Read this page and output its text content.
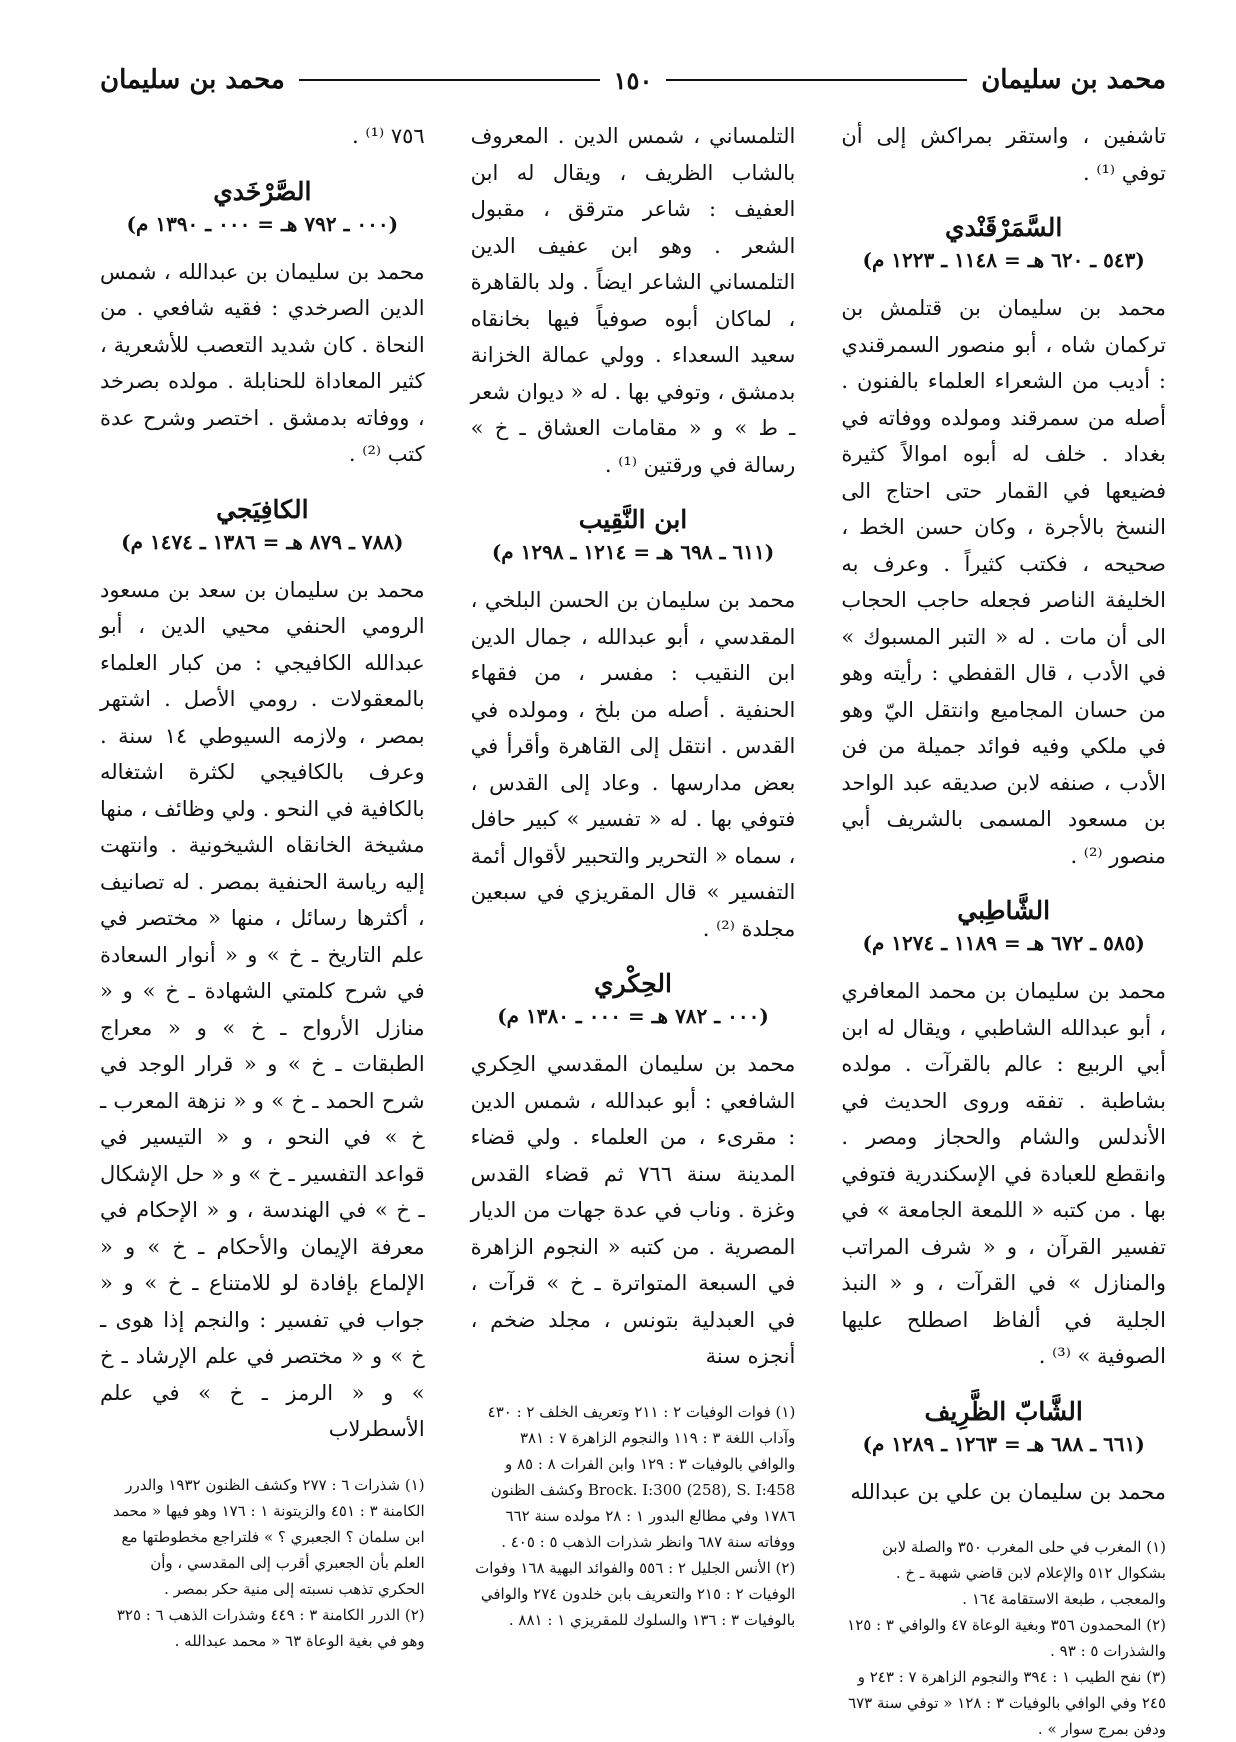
محمد بن سليمان
١٥٠
محمد بن سليمان
تاشفين ، واستقر بمراكش إلى أن توفي ⁽¹⁾ .
السَّمَرْقَنْدي
(٥٤٣ ـ ٦٢٠ هـ = ١١٤٨ ـ ١٢٢٣ م)
محمد بن سليمان بن قتلمش بن تركمان شاه ، أبو منصور السمرقندي : أديب من الشعراء العلماء بالفنون . أصله من سمرقند ومولده ووفاته في بغداد . خلف له أبوه اموالاً كثيرة فضيعها في القمار حتى احتاج الى النسخ بالأجرة ، وكان حسن الخط ، صحيحه ، فكتب كثيراً . وعرف به الخليفة الناصر فجعله حاجب الحجاب الى أن مات . له « التبر المسبوك » في الأدب ، قال القفطي : رأيته وهو من حسان المجاميع وانتقل اليّ وهو في ملكي وفيه فوائد جميلة من فن الأدب ، صنفه لابن صديقه عبد الواحد بن مسعود المسمى بالشريف أبي منصور ⁽²⁾ .
الشَّاطِبي
(٥٨٥ ـ ٦٧٢ هـ = ١١٨٩ ـ ١٢٧٤ م)
محمد بن سليمان بن محمد المعافري ، أبو عبدالله الشاطبي ، ويقال له ابن أبي الربيع : عالم بالقرآت . مولده بشاطبة . تفقه وروى الحديث في الأندلس والشام والحجاز ومصر . وانقطع للعبادة في الإسكندرية فتوفي بها . من كتبه « اللمعة الجامعة » في تفسير القرآن ، و « شرف المراتب والمنازل » في القرآت ، و « النبذ الجلية في ألفاظ اصطلح عليها الصوفية » ⁽³⁾ .
الشَّابّ الظَّرِيف
(٦٦١ ـ ٦٨٨ هـ = ١٢٦٣ ـ ١٢٨٩ م)
محمد بن سليمان بن علي بن عبدالله
(١) المغرب في حلى المغرب ٣٥٠ والصلة لابن بشكوال ٥١٢ والإعلام لابن قاضي شهبة ـ خ . والمعجب ، طبعة الاستقامة ١٦٤ .
(٢) المحمدون ٣٥٦ وبغية الوعاة ٤٧ والوافي ٣ : ١٢٥ والشذرات ٥ : ٩٣ .
(٣) نفح الطيب ١ : ٣٩٤ والنجوم الزاهرة ٧ : ٢٤٣ و ٢٤٥ وفي الوافي بالوفيات ٣ : ١٢٨ « توفي سنة ٦٧٣ ودفن بمرج سوار » .
التلمساني ، شمس الدين . المعروف بالشاب الظريف ، ويقال له ابن العفيف : شاعر مترقق ، مقبول الشعر . وهو ابن عفيف الدين التلمساني الشاعر ايضاً . ولد بالقاهرة ، لماكان أبوه صوفياً فيها بخانقاه سعيد السعداء . وولي عمالة الخزانة بدمشق ، وتوفي بها . له « ديوان شعر ـ ط » و « مقامات العشاق ـ خ » رسالة في ورقتين ⁽¹⁾ .
ابن النَّقِيب
(٦١١ ـ ٦٩٨ هـ = ١٢١٤ ـ ١٢٩٨ م)
محمد بن سليمان بن الحسن البلخي ، المقدسي ، أبو عبدالله ، جمال الدين ابن النقيب : مفسر ، من فقهاء الحنفية . أصله من بلخ ، ومولده في القدس . انتقل إلى القاهرة وأقرأ في بعض مدارسها . وعاد إلى القدس ، فتوفي بها . له « تفسير » كبير حافل ، سماه « التحرير والتحبير لأقوال أئمة التفسير » قال المقريزي في سبعين مجلدة ⁽²⁾ .
الحِكْري
(٠٠٠ ـ ٧٨٢ هـ = ٠٠٠ ـ ١٣٨٠ م)
محمد بن سليمان المقدسي الحِكري الشافعي : أبو عبدالله ، شمس الدين : مقرىء ، من العلماء . ولي قضاء المدينة سنة ٧٦٦ ثم قضاء القدس وغزة . وناب في عدة جهات من الديار المصرية . من كتبه « النجوم الزاهرة في السبعة المتواترة ـ خ » قرآت ، في العبدلية بتونس ، مجلد ضخم ، أنجزه سنة
(١) فوات الوفيات ٢ : ٢١١ وتعريف الخلف ٢ : ٤٣٠ وآداب اللغة ٣ : ١١٩ والنجوم الزاهرة ٧ : ٣٨١ والوافي بالوفيات ٣ : ١٢٩ وابن الفرات ٨ : ٨٥ و Brock. I:300 (258), S. I:458 وكشف الظنون ١٧٨٦ وفي مطالع البدور ١ : ٢٨ مولده سنة ٦٦٢ ووفاته سنة ٦٨٧ وانظر شذرات الذهب ٥ : ٤٠٥ .
(٢) الأنس الجليل ٢ : ٥٥٦ والفوائد البهية ١٦٨ وفوات الوفيات ٢ : ٢١٥ والتعريف بابن خلدون ٢٧٤ والوافي بالوفيات ٣ : ١٣٦ والسلوك للمقريزي ١ : ٨٨١ .
٧٥٦ ⁽¹⁾ .
الصَّرْخَدي
(٠٠٠ ـ ٧٩٢ هـ = ٠٠٠ ـ ١٣٩٠ م)
محمد بن سليمان بن عبدالله ، شمس الدين الصرخدي : فقيه شافعي . من النحاة . كان شديد التعصب للأشعرية ، كثير المعاداة للحنابلة . مولده بصرخد ، ووفاته بدمشق . اختصر وشرح عدة كتب ⁽²⁾ .
الكافِيَجي
(٧٨٨ ـ ٨٧٩ هـ = ١٣٨٦ ـ ١٤٧٤ م)
محمد بن سليمان بن سعد بن مسعود الرومي الحنفي محيي الدين ، أبو عبدالله الكافيجي : من كبار العلماء بالمعقولات . رومي الأصل . اشتهر بمصر ، ولازمه السيوطي ١٤ سنة . وعرف بالكافيجي لكثرة اشتغاله بالكافية في النحو . ولي وظائف ، منها مشيخة الخانقاه الشيخونية . وانتهت إليه رياسة الحنفية بمصر . له تصانيف ، أكثرها رسائل ، منها « مختصر في علم التاريخ ـ خ » و « أنوار السعادة في شرح كلمتي الشهادة ـ خ » و « منازل الأرواح ـ خ » و « معراج الطبقات ـ خ » و « قرار الوجد في شرح الحمد ـ خ » و « نزهة المعرب ـ خ » في النحو ، و « التيسير في قواعد التفسير ـ خ » و « حل الإشكال ـ خ » في الهندسة ، و « الإحكام في معرفة الإيمان والأحكام ـ خ » و « الإلماع بإفادة لو للامتناع ـ خ » و « جواب في تفسير : والنجم إذا هوى ـ خ » و « مختصر في علم الإرشاد ـ خ » و « الرمز ـ خ » في علم الأسطرلاب
(١) شذرات ٦ : ٢٧٧ وكشف الظنون ١٩٣٢ والدرر الكامنة ٣ : ٤٥١ والزيتونة ١ : ١٧٦ وهو فيها « محمد ابن سلمان ؟ الجعبري ؟ » فلتراجع مخطوطتها مع العلم بأن الجعبري أقرب إلى المقدسي ، وأن الحكري تذهب نسبته إلى منية حكر بمصر .
(٢) الدرر الكامنة ٣ : ٤٤٩ وشذرات الذهب ٦ : ٣٢٥ وهو في بغية الوعاة ٦٣ « محمد عبدالله .
